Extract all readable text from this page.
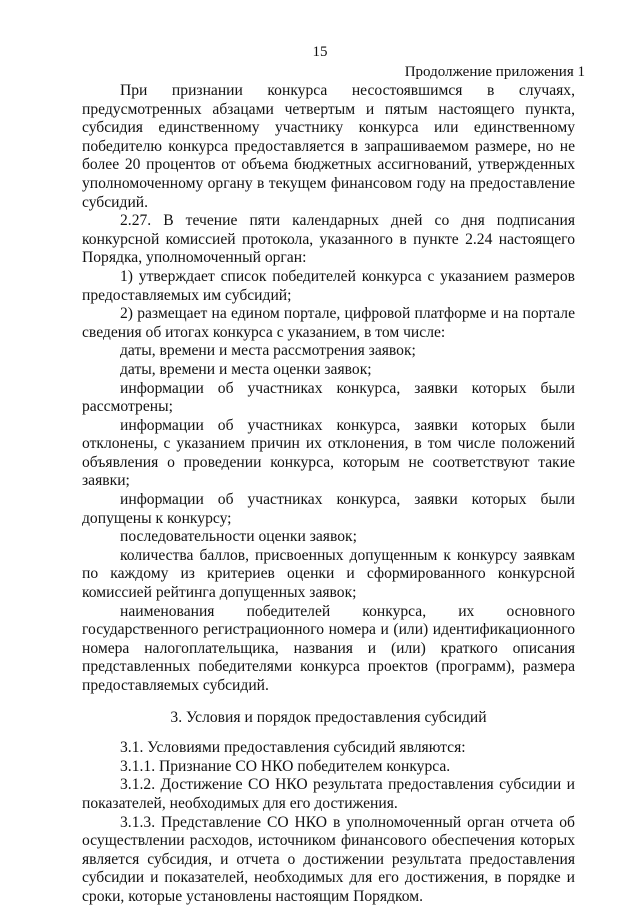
15
Продолжение приложения 1

При признании конкурса несостоявшимся в случаях, предусмотренных абзацами четвертым и пятым настоящего пункта, субсидия единственному участнику конкурса или единственному победителю конкурса предоставляется в запрашиваемом размере, но не более 20 процентов от объема бюджетных ассигнований, утвержденных уполномоченному органу в текущем финансовом году на предоставление субсидий.

2.27. В течение пяти календарных дней со дня подписания конкурсной комиссией протокола, указанного в пункте 2.24 настоящего Порядка, уполномоченный орган:

1) утверждает список победителей конкурса с указанием размеров предоставляемых им субсидий;

2) размещает на едином портале, цифровой платформе и на портале сведения об итогах конкурса с указанием, в том числе:

даты, времени и места рассмотрения заявок;

даты, времени и места оценки заявок;

информации об участниках конкурса, заявки которых были рассмотрены;

информации об участниках конкурса, заявки которых были отклонены, с указанием причин их отклонения, в том числе положений объявления о проведении конкурса, которым не соответствуют такие заявки;

информации об участниках конкурса, заявки которых были допущены к конкурсу;

последовательности оценки заявок;

количества баллов, присвоенных допущенным к конкурсу заявкам по каждому из критериев оценки и сформированного конкурсной комиссией рейтинга допущенных заявок;

наименования победителей конкурса, их основного государственного регистрационного номера и (или) идентификационного номера налогоплательщика, названия и (или) краткого описания представленных победителями конкурса проектов (программ), размера предоставляемых субсидий.

3. Условия и порядок предоставления субсидий

3.1. Условиями предоставления субсидий являются:

3.1.1. Признание СО НКО победителем конкурса.

3.1.2. Достижение СО НКО результата предоставления субсидии и показателей, необходимых для его достижения.

3.1.3. Представление СО НКО в уполномоченный орган отчета об осуществлении расходов, источником финансового обеспечения которых является субсидия, и отчета о достижении результата предоставления субсидии и показателей, необходимых для его достижения, в порядке и сроки, которые установлены настоящим Порядком.
